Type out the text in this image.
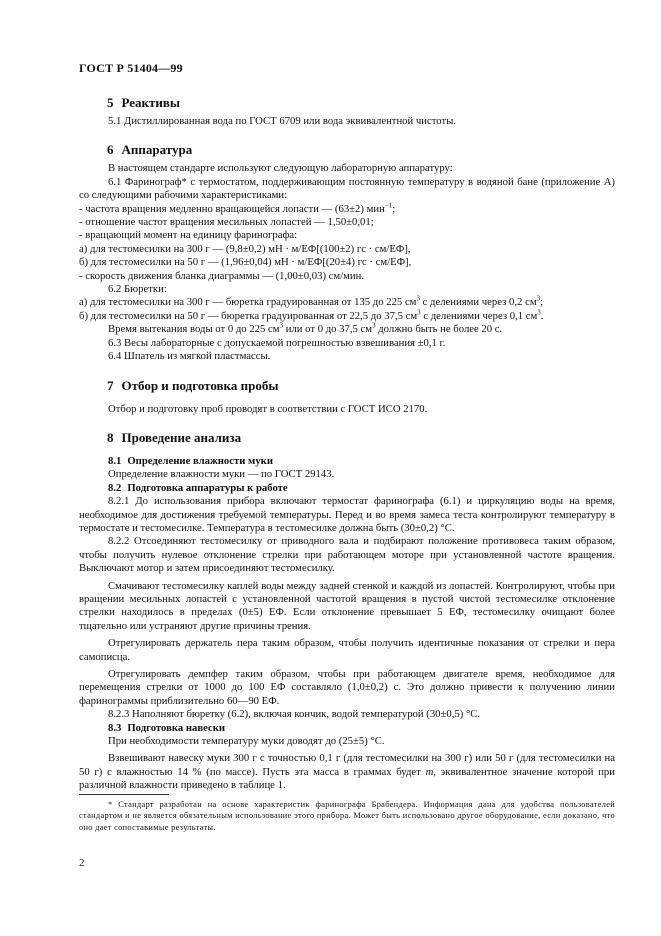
ГОСТ Р 51404—99
5 Реактивы

5.1 Дистиллированная вода по ГОСТ 6709 или вода эквивалентной чистоты.

6 Аппаратура

В настоящем стандарте используют следующую лабораторную аппаратуру:

6.1 Фаринограф* с термостатом, поддерживающим постоянную температуру в водяной бане (приложение А) со следующими рабочими характеристиками:

- частота вращения медленно вращающейся лопасти — (63±2) мин$^{-1}$;

- отношение частот вращения месильных лопастей — 1,50±0,01;

- вращающий момент на единицу фаринографа:

а) для тестомесилки на 300 г — (9,8±0,2) мН · м/ЕФ[(100±2) гс · см/ЕФ],

б) для тестомесилки на 50 г — (1,96±0,04) мН · м/ЕФ[(20±4) гс · см/ЕФ],

- скорость движения бланка диаграммы — (1,00±0,03) см/мин.

6.2 Бюретки:

а) для тестомесилки на 300 г — бюретка градуированная от 135 до 225 $см^3$ с делениями через 0,2 $см^3$;

б) для тестомесилки на 50 г — бюретка градуированная от 22,5 до 37,5 $см^3$ с делениями через 0,1 $см^3$.

Время вытекания воды от 0 до 225 $см^3$ или от 0 до 37,5 $см^3$ должно быть не более 20 с.

6.3 Весы лабораторные с допускаемой погрешностью взвешивания ±0,1 г.

6.4 Шпатель из мягкой пластмассы.

7 Отбор и подготовка пробы

Отбор и подготовку проб проводят в соответствии с ГОСТ ИСО 2170.

8 Проведение анализа

8.1 Определение влажности муки

Определение влажности муки — по ГОСТ 29143.

8.2 Подготовка аппаратуры к работе

8.2.1 До использования прибора включают термостат фаринографа (6.1) и циркуляцию воды на время, необходимое для достижения требуемой температуры. Перед и во время замеса теста контролируют температуру в термостате и тестомесилке. Температура в тестомесилке должна быть (30±0,2) °С.

8.2.2 Отсоединяют тестомесилку от приводного вала и подбирают положение противовеса таким образом, чтобы получить нулевое отклонение стрелки при работающем моторе при установленной частоте вращения. Выключают мотор и затем присоединяют тестомесилку.

Смачивают тестомесилку каплей воды между задней стенкой и каждой из лопастей. Контролируют, чтобы при вращении месильных лопастей с установленной частотой вращения в пустой чистой тестомесилке отклонение стрелки находилось в пределах (0±5) ЕФ. Если отклонение превышает 5 ЕФ, тестомесилку очищают более тщательно или устраняют другие причины трения.

Отрегулировать держатель пера таким образом, чтобы получить идентичные показания от стрелки и пера самописца.

Отрегулировать демпфер таким образом, чтобы при работающем двигателе время, необходимое для перемещения стрелки от 1000 до 100 ЕФ составляло (1,0±0,2) с. Это должно привести к получению линии фаринограммы приблизительно 60—90 ЕФ.

8.2.3 Наполняют бюретку (6.2), включая кончик, водой температурой (30±0,5) °С.

8.3 Подготовка навески

При необходимости температуру муки доводят до (25±5) °С.

Взвешивают навеску муки 300 г с точностью 0,1 г (для тестомесилки на 300 г) или 50 г (для тестомесилки на 50 г) с влажностью 14 % (по массе). Пусть эта масса в граммах будет m, эквивалентное значение которой при различной влажности приведено в таблице 1.

* Стандарт разработан на основе характеристик фаринографа Брабендера. Информация дана для удобства пользователей стандартом и не является обязательным использование этого прибора. Может быть использовано другое оборудование, если доказано, что оно дает сопоставимые результаты.

2
